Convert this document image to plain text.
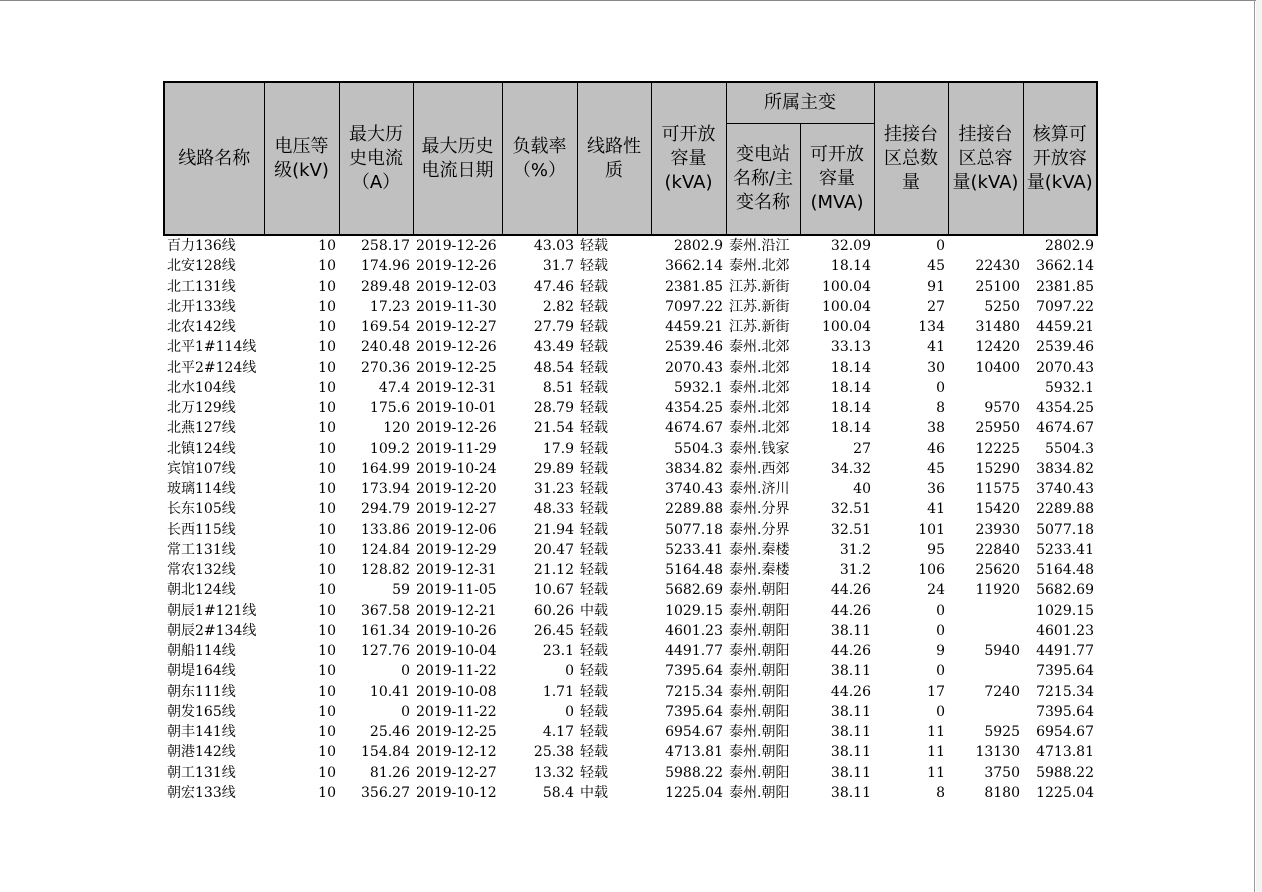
线路名称	电压等级(kV)	最大历史电流（A）	最大历史电流日期	负载率（%）	线路性质	可开放容量(kVA)	所属主变		挂接台区总数量	挂接台区总容量(kVA)	核算可开放容量(kVA)
							变电站名称/主变名称	可开放容量(MVA)			
百力136线	10	258.17	2019-12-26	43.03	轻载	2802.9	泰州.沿江	32.09	0		2802.9
北安128线	10	174.96	2019-12-26	31.7	轻载	3662.14	泰州.北郊	18.14	45	22430	3662.14
北工131线	10	289.48	2019-12-03	47.46	轻载	2381.85	江苏.新街	100.04	91	25100	2381.85
北开133线	10	17.23	2019-11-30	2.82	轻载	7097.22	江苏.新街	100.04	27	5250	7097.22
北农142线	10	169.54	2019-12-27	27.79	轻载	4459.21	江苏.新街	100.04	134	31480	4459.21
北平1#114线	10	240.48	2019-12-26	43.49	轻载	2539.46	泰州.北郊	33.13	41	12420	2539.46
北平2#124线	10	270.36	2019-12-25	48.54	轻载	2070.43	泰州.北郊	18.14	30	10400	2070.43
北水104线	10	47.4	2019-12-31	8.51	轻载	5932.1	泰州.北郊	18.14	0		5932.1
北万129线	10	175.6	2019-10-01	28.79	轻载	4354.25	泰州.北郊	18.14	8	9570	4354.25
北燕127线	10	120	2019-12-26	21.54	轻载	4674.67	泰州.北郊	18.14	38	25950	4674.67
北镇124线	10	109.2	2019-11-29	17.9	轻载	5504.3	泰州.钱家	27	46	12225	5504.3
宾馆107线	10	164.99	2019-10-24	29.89	轻载	3834.82	泰州.西郊	34.32	45	15290	3834.82
玻璃114线	10	173.94	2019-12-20	31.23	轻载	3740.43	泰州.济川	40	36	11575	3740.43
长东105线	10	294.79	2019-12-27	48.33	轻载	2289.88	泰州.分界	32.51	41	15420	2289.88
长西115线	10	133.86	2019-12-06	21.94	轻载	5077.18	泰州.分界	32.51	101	23930	5077.18
常工131线	10	124.84	2019-12-29	20.47	轻载	5233.41	泰州.秦楼	31.2	95	22840	5233.41
常农132线	10	128.82	2019-12-31	21.12	轻载	5164.48	泰州.秦楼	31.2	106	25620	5164.48
朝北124线	10	59	2019-11-05	10.67	轻载	5682.69	泰州.朝阳	44.26	24	11920	5682.69
朝辰1#121线	10	367.58	2019-12-21	60.26	中载	1029.15	泰州.朝阳	44.26	0		1029.15
朝辰2#134线	10	161.34	2019-10-26	26.45	轻载	4601.23	泰州.朝阳	38.11	0		4601.23
朝船114线	10	127.76	2019-10-04	23.1	轻载	4491.77	泰州.朝阳	44.26	9	5940	4491.77
朝堤164线	10	0	2019-11-22	0	轻载	7395.64	泰州.朝阳	38.11	0		7395.64
朝东111线	10	10.41	2019-10-08	1.71	轻载	7215.34	泰州.朝阳	44.26	17	7240	7215.34
朝发165线	10	0	2019-11-22	0	轻载	7395.64	泰州.朝阳	38.11	0		7395.64
朝丰141线	10	25.46	2019-12-25	4.17	轻载	6954.67	泰州.朝阳	38.11	11	5925	6954.67
朝港142线	10	154.84	2019-12-12	25.38	轻载	4713.81	泰州.朝阳	38.11	11	13130	4713.81
朝工131线	10	81.26	2019-12-27	13.32	轻载	5988.22	泰州.朝阳	38.11	11	3750	5988.22
朝宏133线	10	356.27	2019-10-12	58.4	中载	1225.04	泰州.朝阳	38.11	8	8180	1225.04
